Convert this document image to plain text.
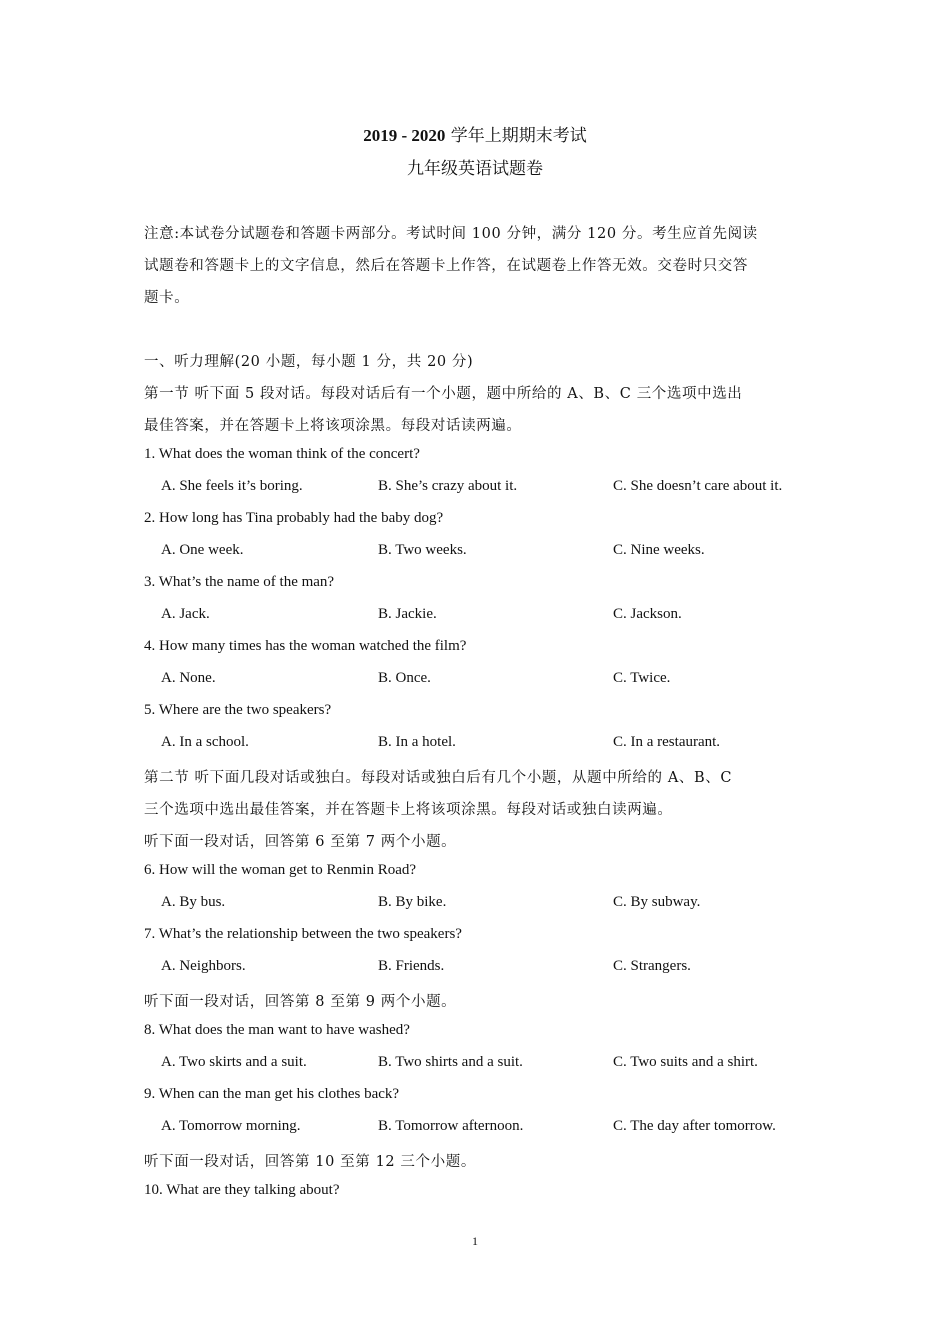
2019 - 2020 学年上期期末考试
九年级英语试题卷
注意:本试卷分试题卷和答题卡两部分。考试时间 100 分钟，满分 120 分。考生应首先阅读
试题卷和答题卡上的文字信息，然后在答题卡上作答，在试题卷上作答无效。交卷时只交答
题卡。
一、听力理解(20 小题，每小题 1 分，共 20 分)
第一节 听下面 5 段对话。每段对话后有一个小题，题中所给的 A、B、C 三个选项中选出
最佳答案，并在答题卡上将该项涂黑。每段对话读两遍。
1. What does the woman think of the concert?
A. She feels it’s boring.	B. She’s crazy about it.	C. She doesn’t care about it.
2. How long has Tina probably had the baby dog?
A. One week.	B. Two weeks.	C. Nine weeks.
3. What’s the name of the man?
A. Jack.	B. Jackie.	C. Jackson.
4. How many times has the woman watched the film?
A. None.	B. Once.	C. Twice.
5. Where are the two speakers?
A. In a school.	B. In a hotel.	C. In a restaurant.
第二节 听下面几段对话或独白。每段对话或独白后有几个小题，从题中所给的 A、B、C
三个选项中选出最佳答案，并在答题卡上将该项涂黑。每段对话或独白读两遍。
听下面一段对话，回答第 6 至第 7 两个小题。
6. How will the woman get to Renmin Road?
A. By bus.	B. By bike.	C. By subway.
7. What’s the relationship between the two speakers?
A. Neighbors.	B. Friends.	C. Strangers.
听下面一段对话，回答第 8 至第 9 两个小题。
8. What does the man want to have washed?
A. Two skirts and a suit.	B. Two shirts and a suit.	C. Two suits and a shirt.
9. When can the man get his clothes back?
A. Tomorrow morning.	B. Tomorrow afternoon.	C. The day after tomorrow.
听下面一段对话，回答第 10 至第 12 三个小题。
10. What are they talking about?
1
